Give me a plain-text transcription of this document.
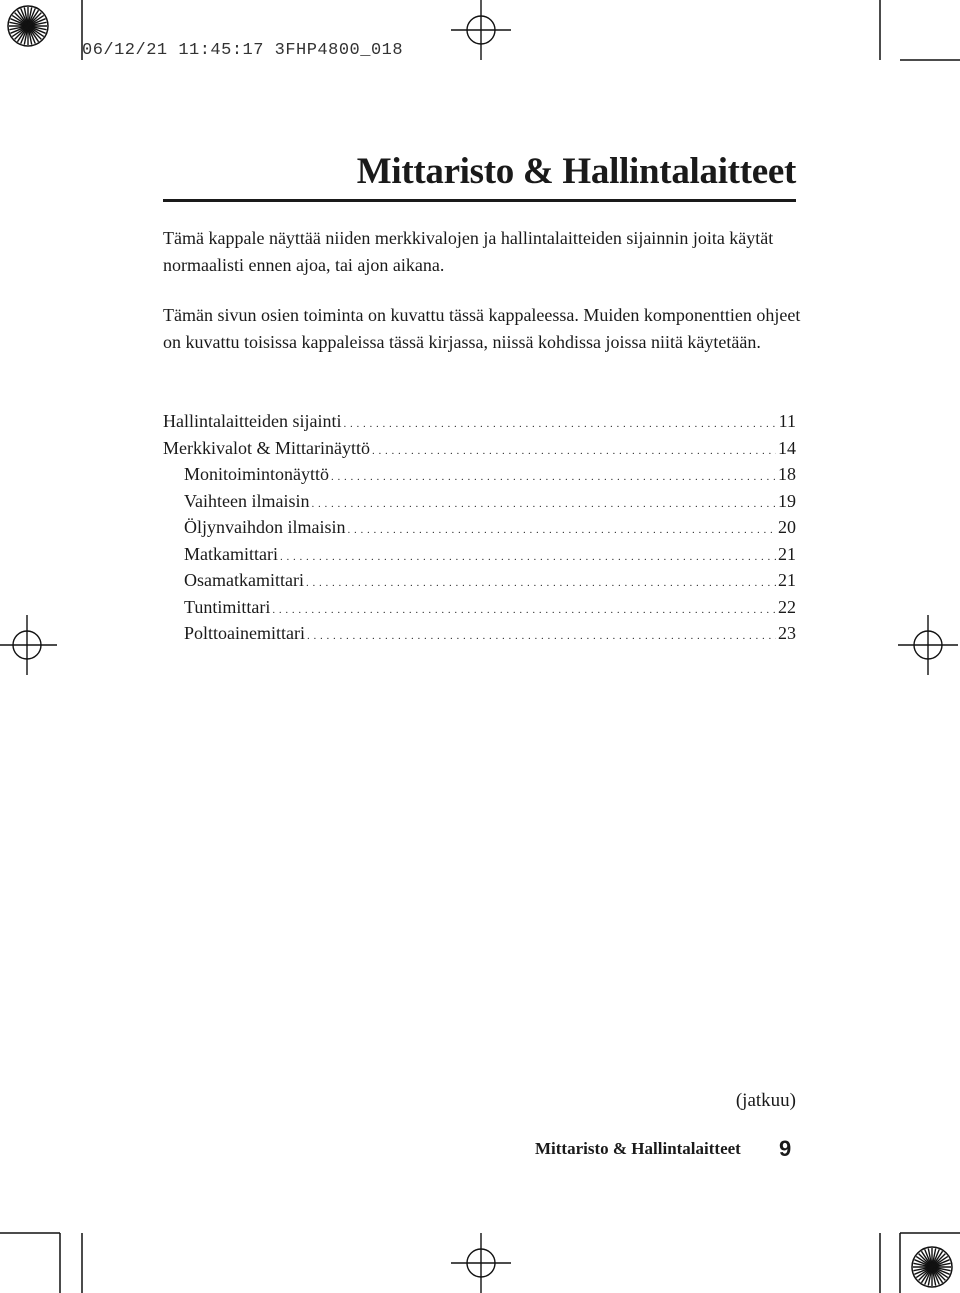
06/12/21 11:45:17 3FHP4800_018
Mittaristo & Hallintalaitteet

Tämä kappale näyttää niiden merkkivalojen ja hallintalaitteiden sijainnin joita käytät normaalisti ennen ajoa, tai ajon aikana.

Tämän sivun osien toiminta on kuvattu tässä kappaleessa. Muiden komponenttien ohjeet on kuvattu toisissa kappaleissa tässä kirjassa, niissä kohdissa joissa niitä käytetään.

Hallintalaitteiden sijainti . . .	11
Merkkivalot & Mittarinäyttö . . .	14
Monitoimintonäyttö . . .	18
Vaihteen ilmaisin . . .	19
Öljynvaihdon ilmaisin . . .	20
Matkamittari . . .	21
Osamatkamittari . . .	21
Tuntimittari . . .	22
Polttoainemittari . . .	23
(jatkuu)
Mittaristo & Hallintalaitteet 9
